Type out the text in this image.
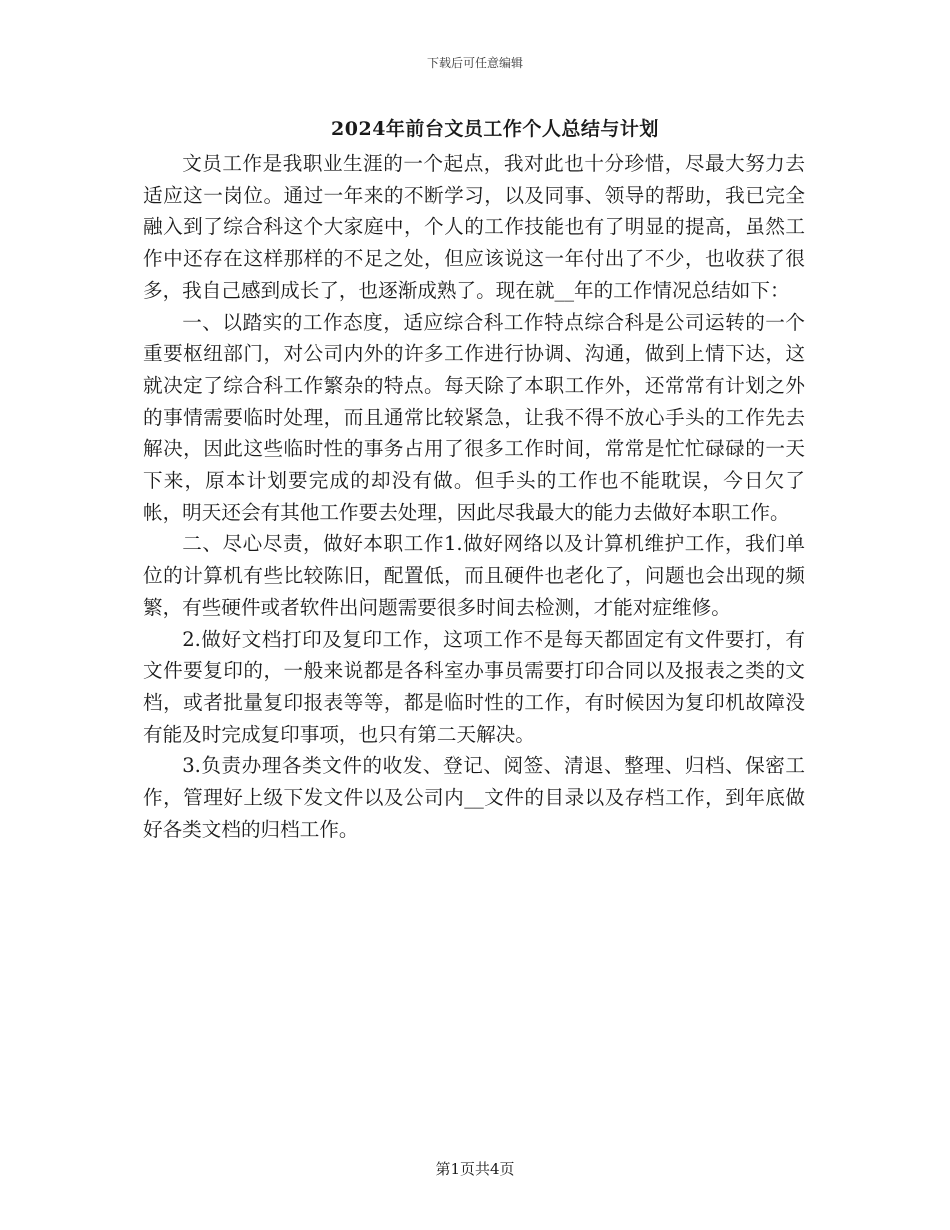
下载后可任意编辑
2024年前台文员工作个人总结与计划

文员工作是我职业生涯的一个起点，我对此也十分珍惜，尽最大努力去适应这一岗位。通过一年来的不断学习，以及同事、领导的帮助，我已完全融入到了综合科这个大家庭中，个人的工作技能也有了明显的提高，虽然工作中还存在这样那样的不足之处，但应该说这一年付出了不少，也收获了很多，我自己感到成长了，也逐渐成熟了。现在就__年的工作情况总结如下：

一、以踏实的工作态度，适应综合科工作特点综合科是公司运转的一个重要枢纽部门，对公司内外的许多工作进行协调、沟通，做到上情下达，这就决定了综合科工作繁杂的特点。每天除了本职工作外，还常常有计划之外的事情需要临时处理，而且通常比较紧急，让我不得不放心手头的工作先去解决，因此这些临时性的事务占用了很多工作时间，常常是忙忙碌碌的一天下来，原本计划要完成的却没有做。但手头的工作也不能耽误，今日欠了帐，明天还会有其他工作要去处理，因此尽我最大的能力去做好本职工作。

二、尽心尽责，做好本职工作1.做好网络以及计算机维护工作，我们单位的计算机有些比较陈旧，配置低，而且硬件也老化了，问题也会出现的频繁，有些硬件或者软件出问题需要很多时间去检测，才能对症维修。

2.做好文档打印及复印工作，这项工作不是每天都固定有文件要打，有文件要复印的，一般来说都是各科室办事员需要打印合同以及报表之类的文档，或者批量复印报表等等，都是临时性的工作，有时候因为复印机故障没有能及时完成复印事项，也只有第二天解决。

3.负责办理各类文件的收发、登记、阅签、清退、整理、归档、保密工作，管理好上级下发文件以及公司内__文件的目录以及存档工作，到年底做好各类文档的归档工作。

第1页共4页
